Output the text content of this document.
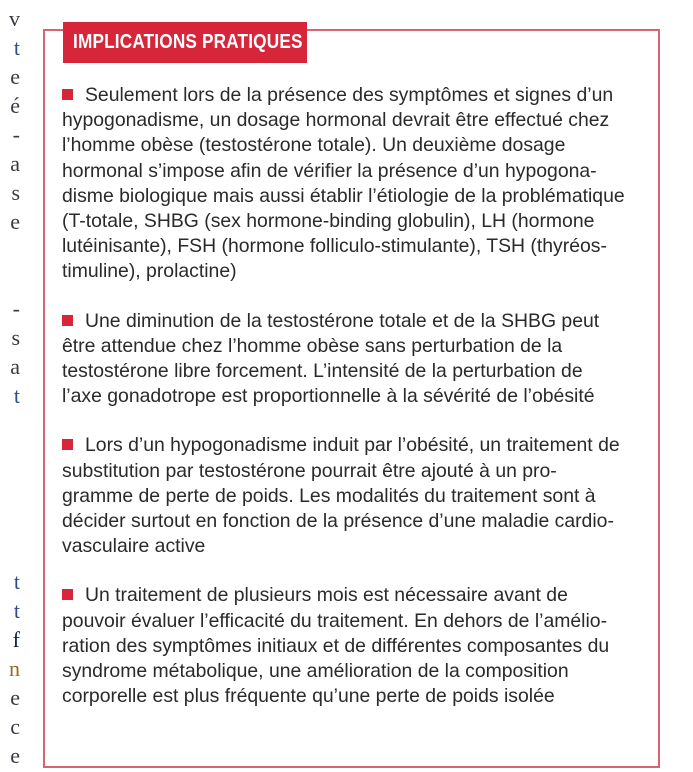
v
t
e
é
-
a
s
e
-
s
a
t
t
t
f
n
e
c
e
IMPLICATIONS PRATIQUES
Seulement lors de la présence des symptômes et signes d’un
hypogonadisme, un dosage hormonal devrait être effectué chez
l’homme obèse (testostérone totale). Un deuxième dosage
hormonal s’impose afin de vérifier la présence d’un hypogona-
disme biologique mais aussi établir l’étiologie de la problématique
(T-totale, SHBG (sex hormone-binding globulin), LH (hormone
lutéinisante), FSH (hormone folliculo-stimulante), TSH (thyréos-
timuline), prolactine)
Une diminution de la testostérone totale et de la SHBG peut
être attendue chez l’homme obèse sans perturbation de la
testostérone libre forcement. L’intensité de la perturbation de
l’axe gonadotrope est proportionnelle à la sévérité de l’obésité
Lors d’un hypogonadisme induit par l’obésité, un traitement de
substitution par testostérone pourrait être ajouté à un pro-
gramme de perte de poids. Les modalités du traitement sont à
décider surtout en fonction de la présence d’une maladie cardio-
vasculaire active
Un traitement de plusieurs mois est nécessaire avant de
pouvoir évaluer l’efficacité du traitement. En dehors de l’amélio-
ration des symptômes initiaux et de différentes composantes du
syndrome métabolique, une amélioration de la composition
corporelle est plus fréquente qu’une perte de poids isolée
